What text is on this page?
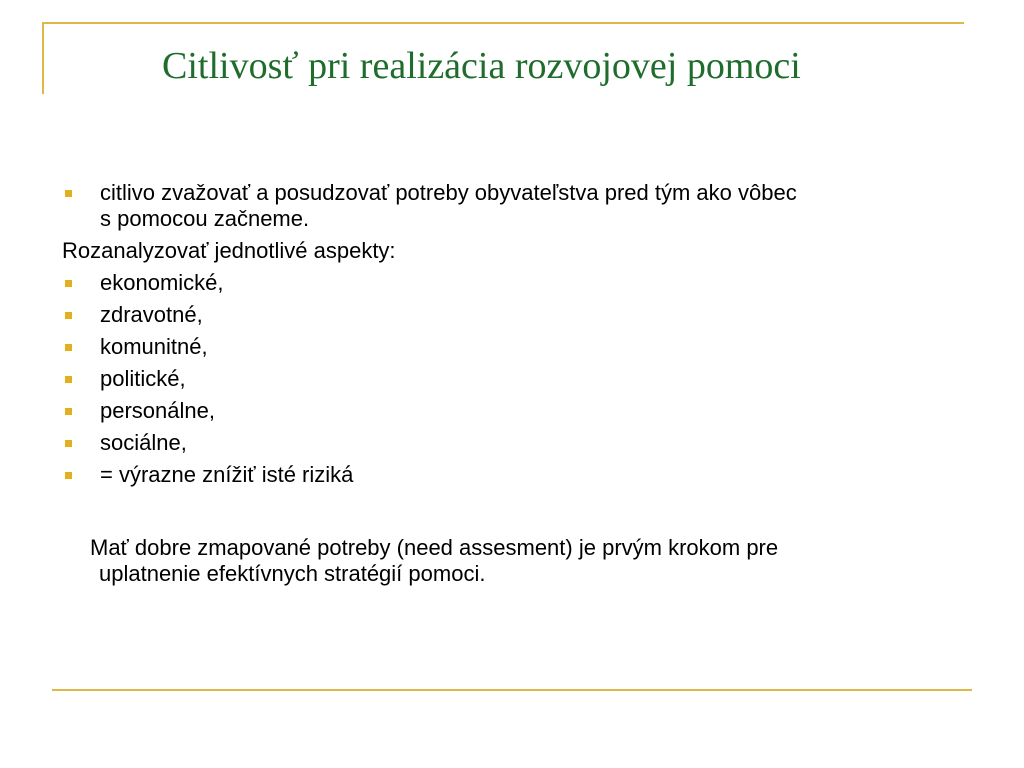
Citlivosť pri realizácia rozvojovej pomoci
citlivo zvažovať a posudzovať potreby obyvateľstva pred tým ako vôbec
s pomocou začneme.
Rozanalyzovať jednotlivé aspekty:
ekonomické,
zdravotné,
komunitné,
politické,
personálne,
sociálne,
= výrazne znížiť isté riziká
Mať dobre zmapované potreby (need assesment) je prvým krokom pre
uplatnenie efektívnych stratégií pomoci.
